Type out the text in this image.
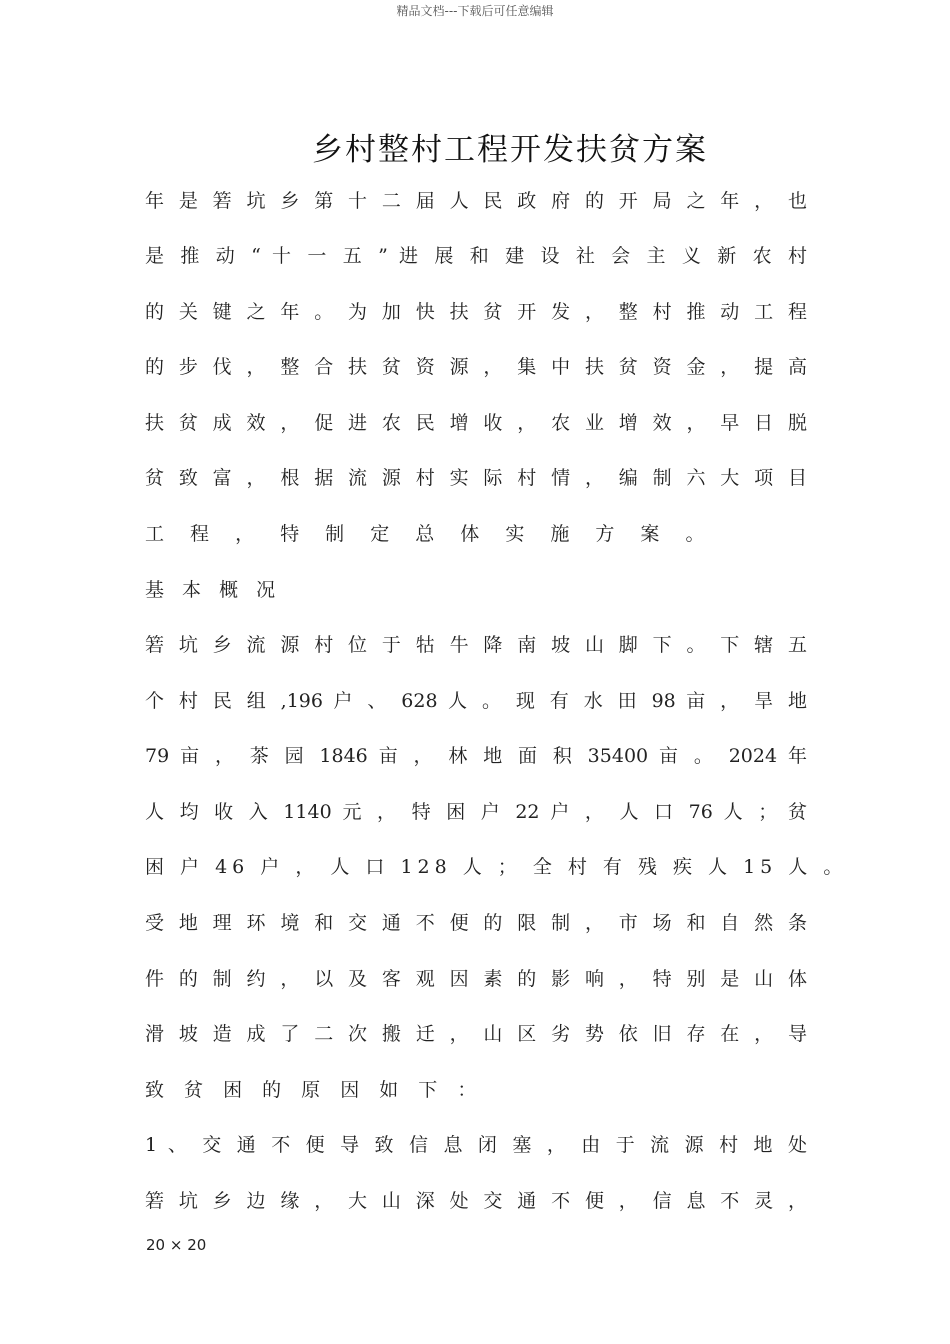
精品文档---下载后可任意编辑
乡村整村工程开发扶贫方案
年 是 箬 坑 乡 第 十 二 届 人 民 政 府 的 开 局 之 年 ， 也
是 推 动 “ 十 一 五 ” 进 展 和 建 设 社 会 主 义 新 农 村
的 关 键 之 年 。 为 加 快 扶 贫 开 发 ， 整 村 推 动 工 程
的 步 伐 ， 整 合 扶 贫 资 源 ， 集 中 扶 贫 资 金 ， 提 高
扶 贫 成 效 ， 促 进 农 民 增 收 ， 农 业 增 效 ， 早 日 脱
贫 致 富 ， 根 据 流 源 村 实 际 村 情 ， 编 制 六 大 项 目
工 程 ， 特 制 定 总 体 实 施 方 案 。
基 本 概 况
箬 坑 乡 流 源 村 位 于 牯 牛 降 南 坡 山 脚 下 。 下 辖 五
个 村 民 组 ,196 户 、 628 人 。 现 有 水 田 98 亩 ， 旱 地
79 亩 ， 茶 园 1846 亩 ， 林 地 面 积 35400 亩 。 2024 年
人 均 收 入 1140 元 ， 特 困 户 22 户 ， 人 口 76 人 ； 贫
困 户 46 户 ， 人 口 128 人 ； 全 村 有 残 疾 人 15 人 。
受 地 理 环 境 和 交 通 不 便 的 限 制 ， 市 场 和 自 然 条
件 的 制 约 ， 以 及 客 观 因 素 的 影 响 ， 特 别 是 山 体
滑 坡 造 成 了 二 次 搬 迁 ， 山 区 劣 势 依 旧 存 在 ， 导
致 贫 困 的 原 因 如 下 ：
1 、 交 通 不 便 导 致 信 息 闭 塞 ， 由 于 流 源 村 地 处
箬 坑 乡 边 缘 ， 大 山 深 处 交 通 不 便 ， 信 息 不 灵 ，
20 × 20
